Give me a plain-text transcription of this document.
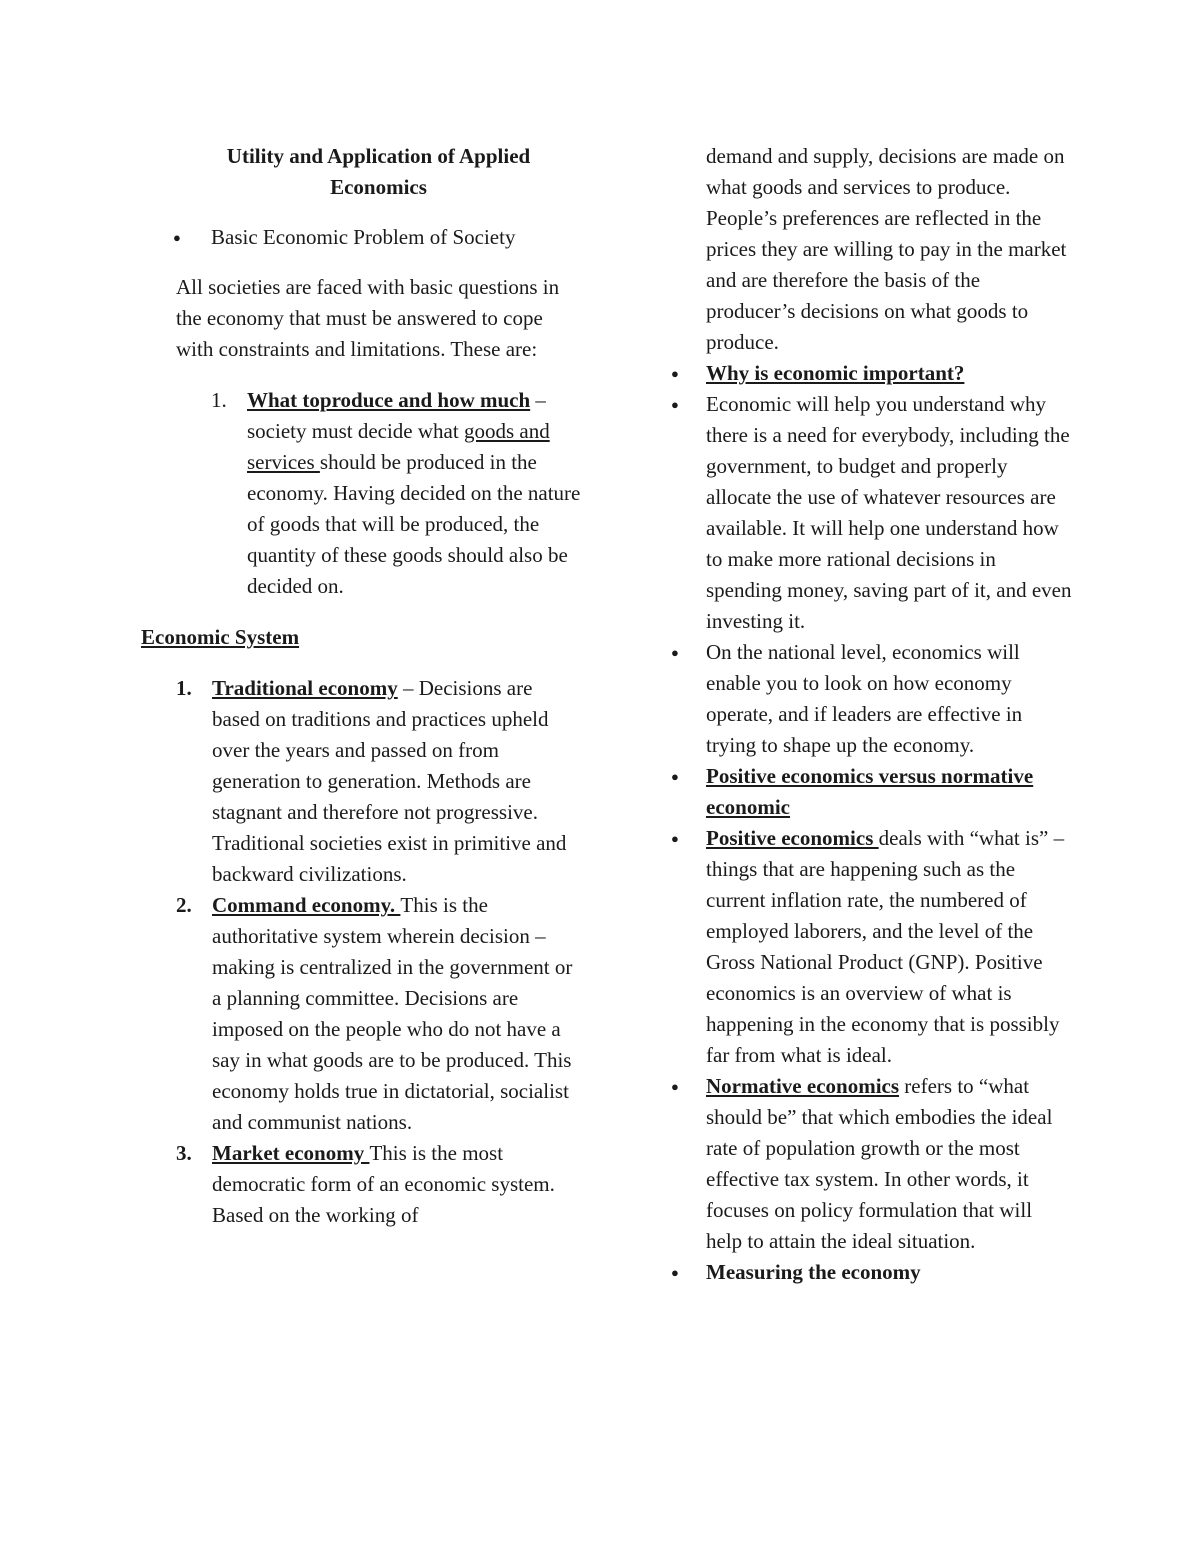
Utility and Application of Applied Economics

● Basic Economic Problem of Society

All societies are faced with basic questions in the economy that must be answered to cope with constraints and limitations. These are:

1. What toproduce and how much – society must decide what goods and services should be produced in the economy. Having decided on the nature of goods that will be produced, the quantity of these goods should also be decided on.

Economic System

1. Traditional economy – Decisions are based on traditions and practices upheld over the years and passed on from generation to generation. Methods are stagnant and therefore not progressive. Traditional societies exist in primitive and backward civilizations.
2. Command economy. This is the authoritative system wherein decision – making is centralized in the government or a planning committee. Decisions are imposed on the people who do not have a say in what goods are to be produced. This economy holds true in dictatorial, socialist and communist nations.
3. Market economy This is the most democratic form of an economic system. Based on the working of

demand and supply, decisions are made on what goods and services to produce. People’s preferences are reflected in the prices they are willing to pay in the market and are therefore the basis of the producer’s decisions on what goods to produce.

● Why is economic important?

● Economic will help you understand why there is a need for everybody, including the government, to budget and properly allocate the use of whatever resources are available. It will help one understand how to make more rational decisions in spending money, saving part of it, and even investing it.

● On the national level, economics will enable you to look on how economy operate, and if leaders are effective in trying to shape up the economy.

● Positive economics versus normative economic

● Positive economics deals with “what is” – things that are happening such as the current inflation rate, the numbered of employed laborers, and the level of the Gross National Product (GNP). Positive economics is an overview of what is happening in the economy that is possibly far from what is ideal.

● Normative economics refers to “what should be” that which embodies the ideal rate of population growth or the most effective tax system. In other words, it focuses on policy formulation that will help to attain the ideal situation.

● Measuring the economy
